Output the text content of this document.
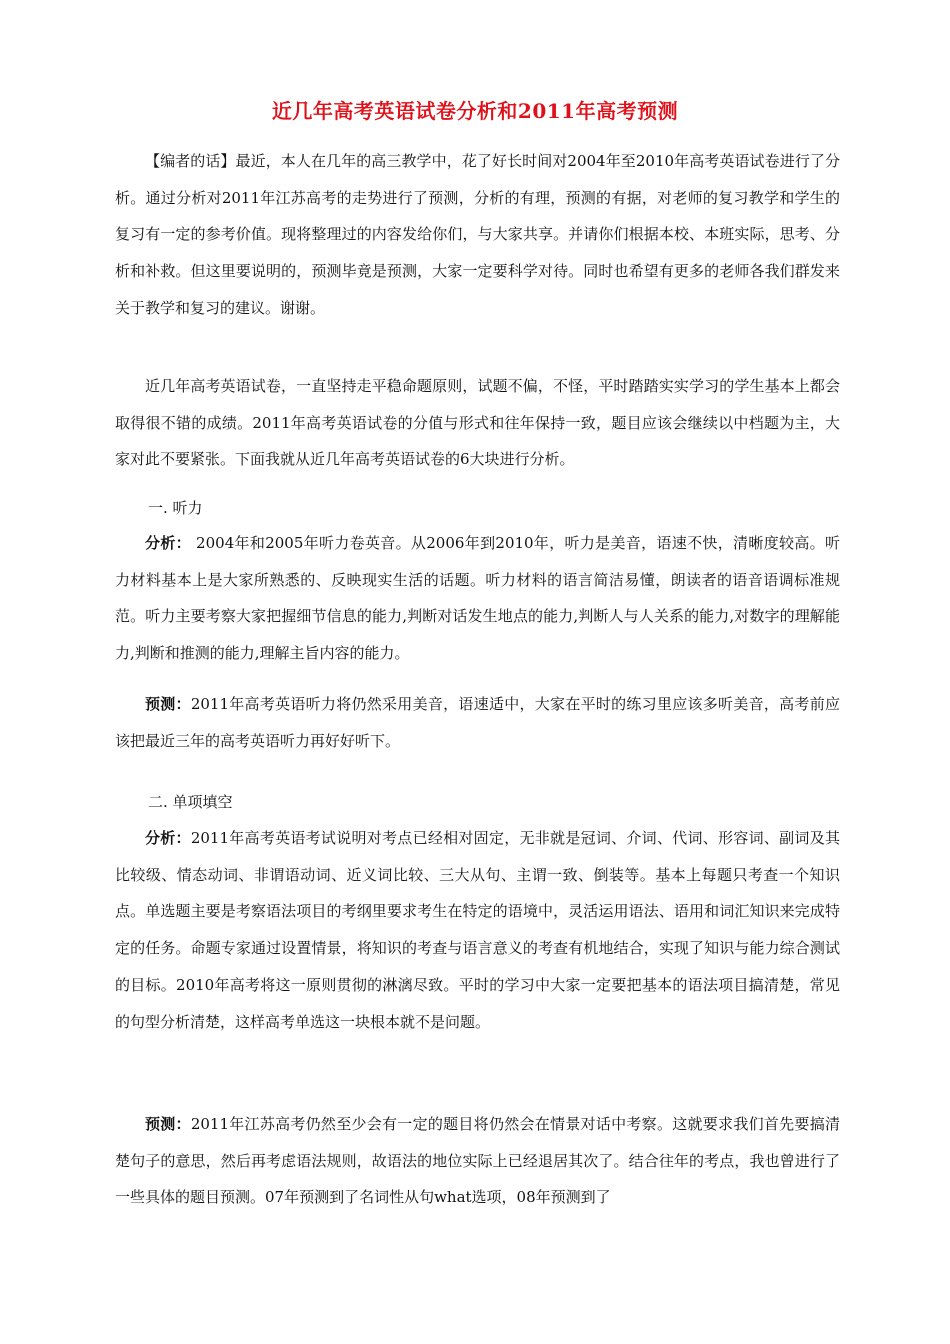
近几年高考英语试卷分析和2011年高考预测

【编者的话】最近，本人在几年的高三教学中，花了好长时间对2004年至2010年高考英语试卷进行了分析。通过分析对2011年江苏高考的走势进行了预测，分析的有理，预测的有据，对老师的复习教学和学生的复习有一定的参考价值。现将整理过的内容发给你们，与大家共享。并请你们根据本校、本班实际，思考、分析和补救。但这里要说明的，预测毕竟是预测，大家一定要科学对待。同时也希望有更多的老师各我们群发来关于教学和复习的建议。谢谢。

近几年高考英语试卷，一直坚持走平稳命题原则，试题不偏，不怪，平时踏踏实实学习的学生基本上都会取得很不错的成绩。2011年高考英语试卷的分值与形式和往年保持一致，题目应该会继续以中档题为主，大家对此不要紧张。下面我就从近几年高考英语试卷的6大块进行分析。

一. 听力

分析： 2004年和2005年听力卷英音。从2006年到2010年，听力是美音，语速不快，清晰度较高。听力材料基本上是大家所熟悉的、反映现实生活的话题。听力材料的语言简洁易懂，朗读者的语音语调标准规范。听力主要考察大家把握细节信息的能力,判断对话发生地点的能力,判断人与人关系的能力,对数字的理解能力,判断和推测的能力,理解主旨内容的能力。

预测：2011年高考英语听力将仍然采用美音，语速适中，大家在平时的练习里应该多听美音，高考前应该把最近三年的高考英语听力再好好听下。

二. 单项填空

分析：2011年高考英语考试说明对考点已经相对固定，无非就是冠词、介词、代词、形容词、副词及其比较级、情态动词、非谓语动词、近义词比较、三大从句、主谓一致、倒装等。基本上每题只考查一个知识点。单选题主要是考察语法项目的考纲里要求考生在特定的语境中，灵活运用语法、语用和词汇知识来完成特定的任务。命题专家通过设置情景，将知识的考查与语言意义的考查有机地结合，实现了知识与能力综合测试的目标。2010年高考将这一原则贯彻的淋漓尽致。平时的学习中大家一定要把基本的语法项目搞清楚，常见的句型分析清楚，这样高考单选这一块根本就不是问题。

预测：2011年江苏高考仍然至少会有一定的题目将仍然会在情景对话中考察。这就要求我们首先要搞清楚句子的意思，然后再考虑语法规则，故语法的地位实际上已经退居其次了。结合往年的考点，我也曾进行了一些具体的题目预测。07年预测到了名词性从句what选项，08年预测到了
